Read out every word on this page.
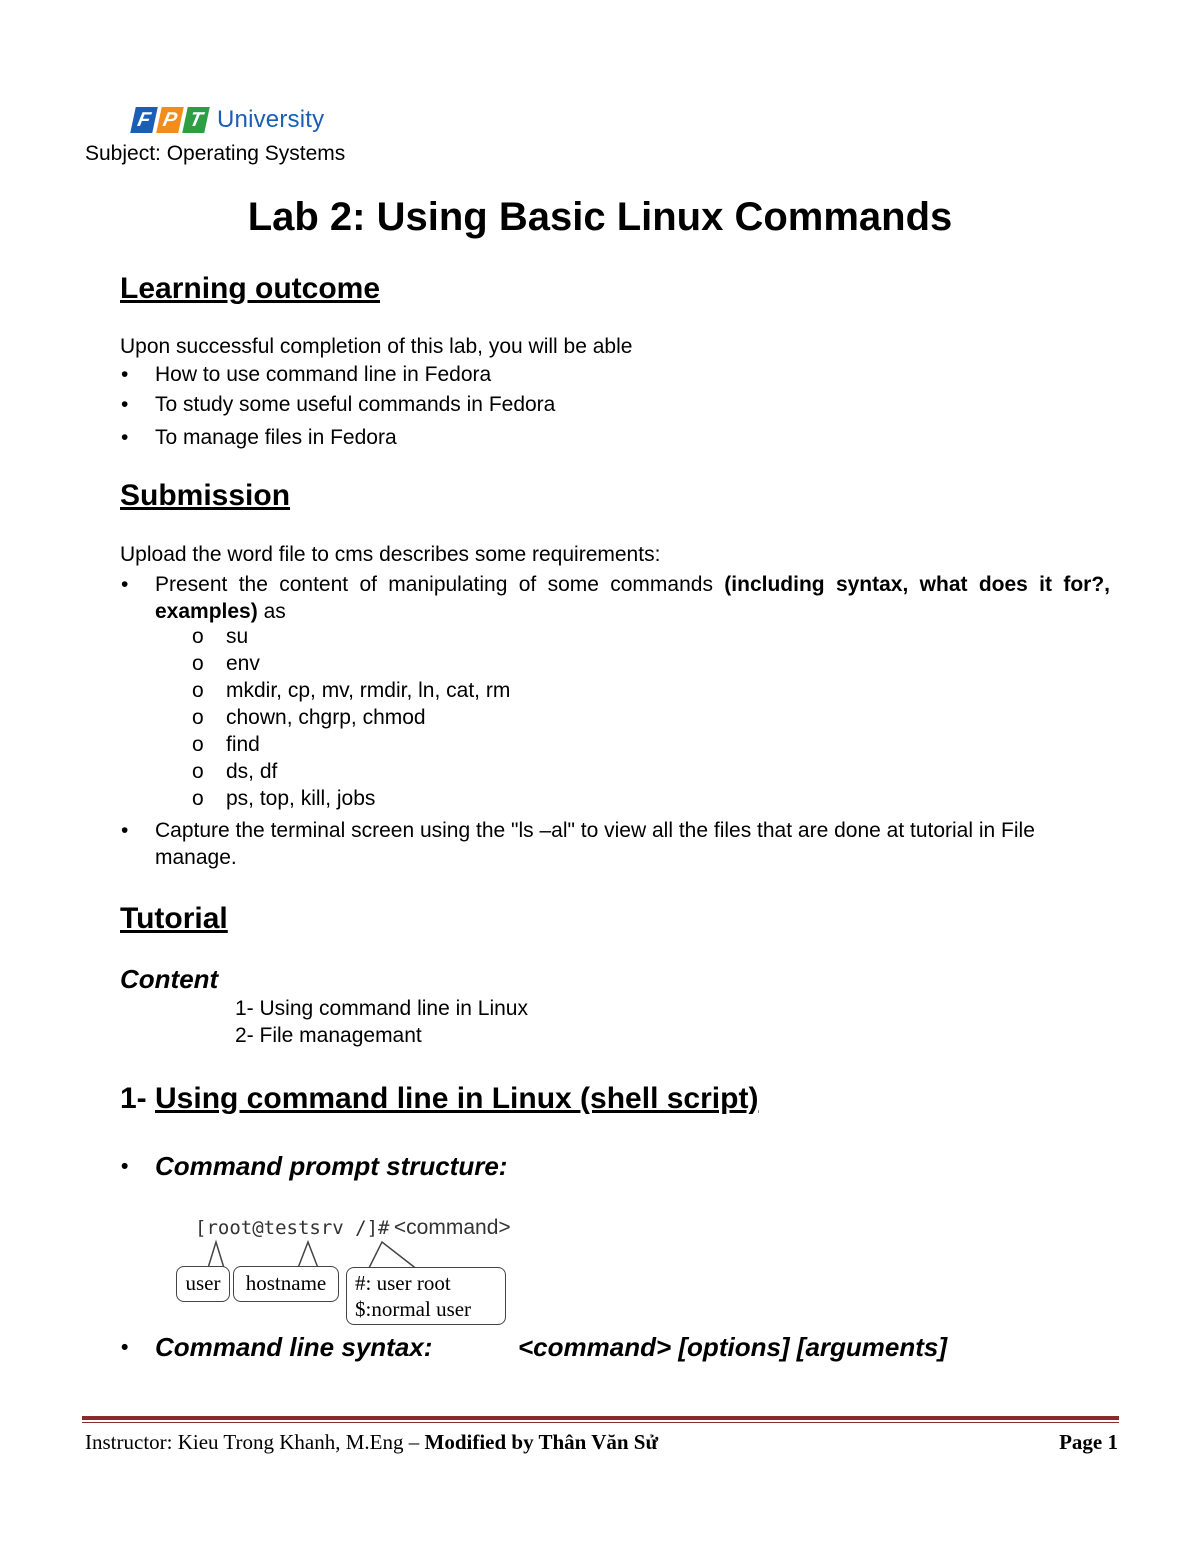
F P T University
Subject: Operating Systems
Lab 2: Using Basic Linux Commands
Learning outcome
Upon successful completion of this lab, you will be able
• How to use command line in Fedora
• To study some useful commands in Fedora
• To manage files in Fedora
Submission
Upload the word file to cms describes some requirements:
• Present the content of manipulating of some commands (including syntax, what does it for?, examples) as
o su
o env
o mkdir, cp, mv, rmdir, ln, cat, rm
o chown, chgrp, chmod
o find
o ds, df
o ps, top, kill, jobs
• Capture the terminal screen using the "ls –al" to view all the files that are done at tutorial in File manage.
Tutorial
Content
1- Using command line in Linux
2- File managemant
1- Using command line in Linux (shell script)
• Command prompt structure:
[root@testsrv /]# <command>
user	hostname	#: user root
$:normal user
• Command line syntax:	<command> [options] [arguments]
Instructor: Kieu Trong Khanh, M.Eng – Modified by Thân Văn Sử	Page 1
